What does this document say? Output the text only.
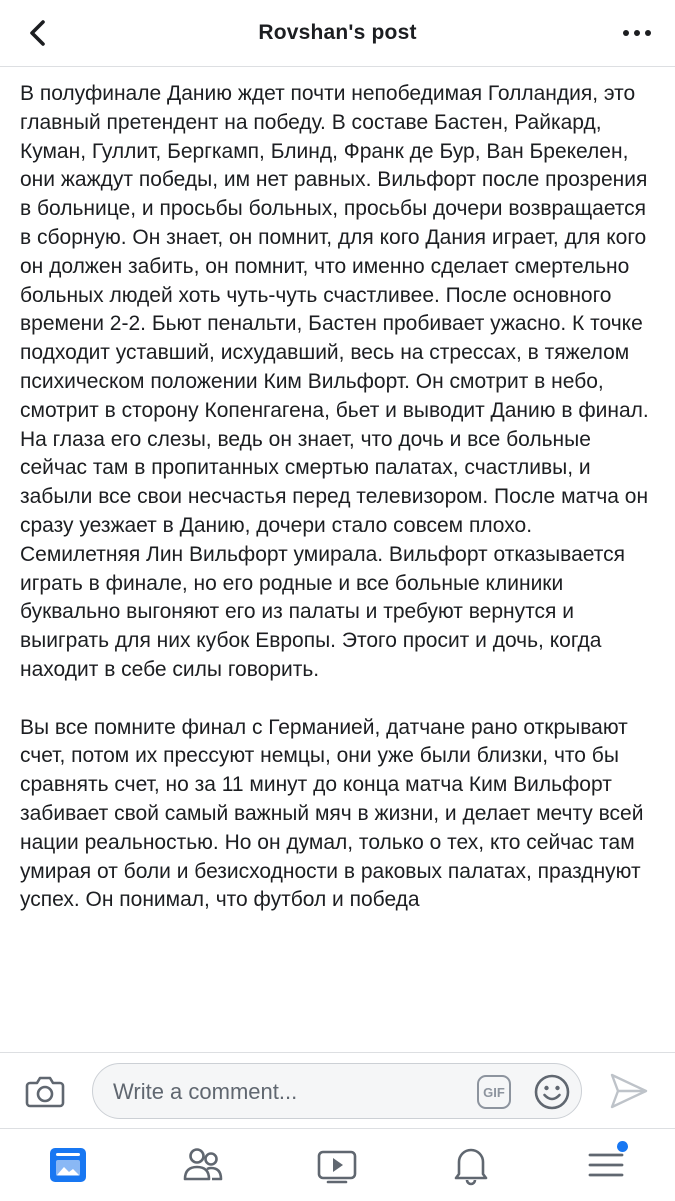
Rovshan's post

В полуфинале Данию ждет почти непобедимая Голландия, это главный претендент на победу. В составе Бастен, Райкард, Куман, Гуллит, Бергкамп, Блинд, Франк де Бур, Ван Брекелен, они жаждут победы, им нет равных. Вильфорт после прозрения в больнице, и просьбы больных, просьбы дочери возвращается в сборную. Он знает, он помнит, для кого Дания играет, для кого он должен забить, он помнит, что именно сделает смертельно больных людей хоть чуть-чуть счастливее. После основного времени 2-2. Бьют пенальти, Бастен пробивает ужасно. К точке подходит уставший, исхудавший, весь на стрессах, в тяжелом психическом положении Ким Вильфорт. Он смотрит в небо, смотрит в сторону Копенгагена, бьет и выводит Данию в финал. На глаза его слезы, ведь он знает, что дочь и все больные сейчас там в пропитанных смертью палатах, счастливы, и забыли все свои несчастья перед телевизором. После матча он сразу уезжает в Данию, дочери стало совсем плохо. Семилетняя Лин Вильфорт умирала. Вильфорт отказывается играть в финале, но его родные и все больные клиники буквально выгоняют его из палаты и требуют вернутся и выиграть для них кубок Европы. Этого просит и дочь, когда находит в себе силы говорить.

Вы все помните финал с Германией, датчане рано открывают счет, потом их прессуют немцы, они уже были близки, что бы сравнять счет, но за 11 минут до конца матча Ким Вильфорт забивает свой самый важный мяч в жизни, и делает мечту всей нации реальностью. Но он думал, только о тех, кто сейчас там умирая от боли и безисходности в раковых палатах, празднуют успех. Он понимал, что футбол и победа

Write a comment...	GIF
